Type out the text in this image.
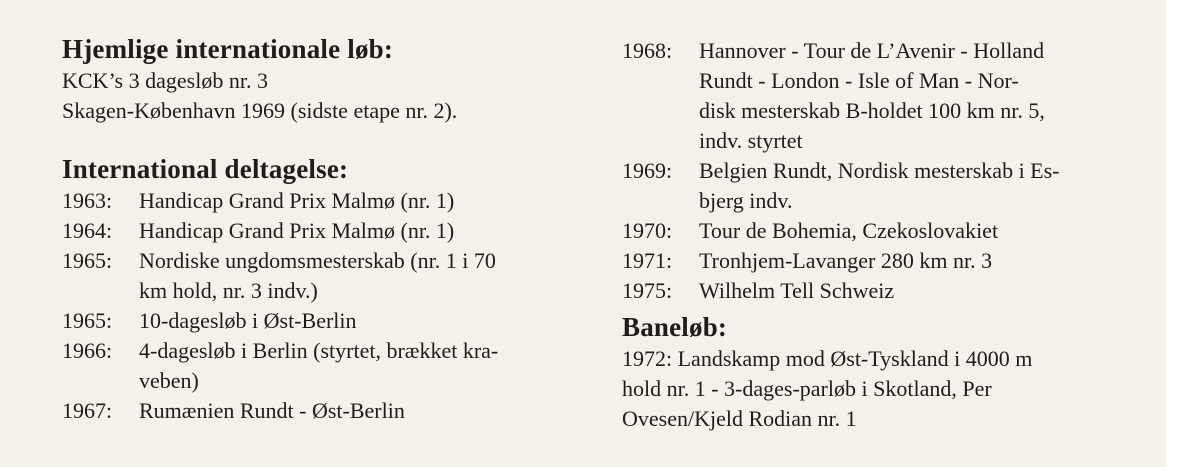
Hjemlige internationale løb:

KCK’s 3 dagesløb nr. 3

Skagen-København 1969 (sidste etape nr. 2).

International deltagelse:

1963:	Handicap Grand Prix Malmø (nr. 1)
1964:	Handicap Grand Prix Malmø (nr. 1)
1965:	Nordiske ungdomsmesterskab (nr. 1 i 70
km hold, nr. 3 indv.)
1965:	10-dagesløb i Øst-Berlin
1966:	4-dagesløb i Berlin (styrtet, brækket kra-
veben)
1967:	Rumænien Rundt - Øst-Berlin
1968:	Hannover - Tour de L’Avenir - Holland
Rundt - London - Isle of Man - Nor-
disk mesterskab B-holdet 100 km nr. 5,
indv. styrtet
1969:	Belgien Rundt, Nordisk mesterskab i Es-
bjerg indv.
1970:	Tour de Bohemia, Czekoslovakiet
1971:	Tronhjem-Lavanger 280 km nr. 3
1975:	Wilhelm Tell Schweiz

Baneløb:

1972: Landskamp mod Øst-Tyskland i 4000 m

hold nr. 1 - 3-dages-parløb i Skotland, Per

Ovesen/Kjeld Rodian nr. 1
